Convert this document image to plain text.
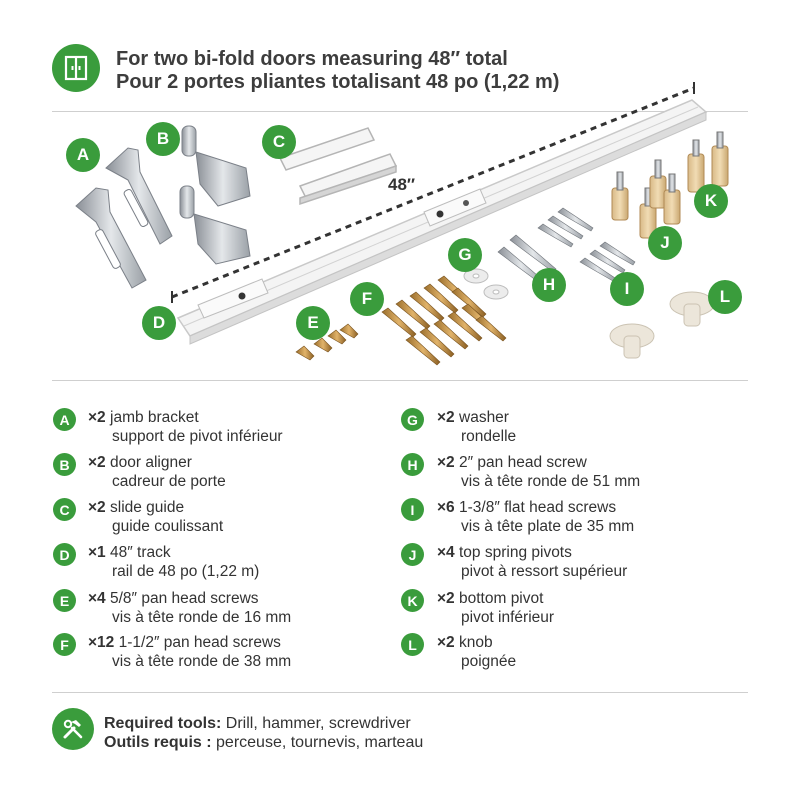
For two bi-fold doors measuring 48″ total
Pour 2 portes pliantes totalisant 48 po (1,22 m)
48″
A
B	C
D	E
F
G
H	I
J
K
L
A	×2 jamb bracket
support de pivot inférieur
B	×2 door aligner
cadreur de porte
C	×2 slide guide
guide coulissant
D	×1 48″ track
rail de 48 po (1,22 m)
E	×4 5/8″ pan head screws
vis à tête ronde de 16 mm
F	×12 1-1/2″ pan head screws
vis à tête ronde de 38 mm
G	×2 washer
rondelle
H	×2 2″ pan head screw
vis à tête ronde de 51 mm
I	×6 1-3/8″ flat head screws
vis à tête plate de 35 mm
J	×4 top spring pivots
pivot à ressort supérieur
K	×2 bottom pivot
pivot inférieur
L	×2 knob
poignée
Required tools: Drill, hammer, screwdriver
Outils requis : perceuse, tournevis, marteau
